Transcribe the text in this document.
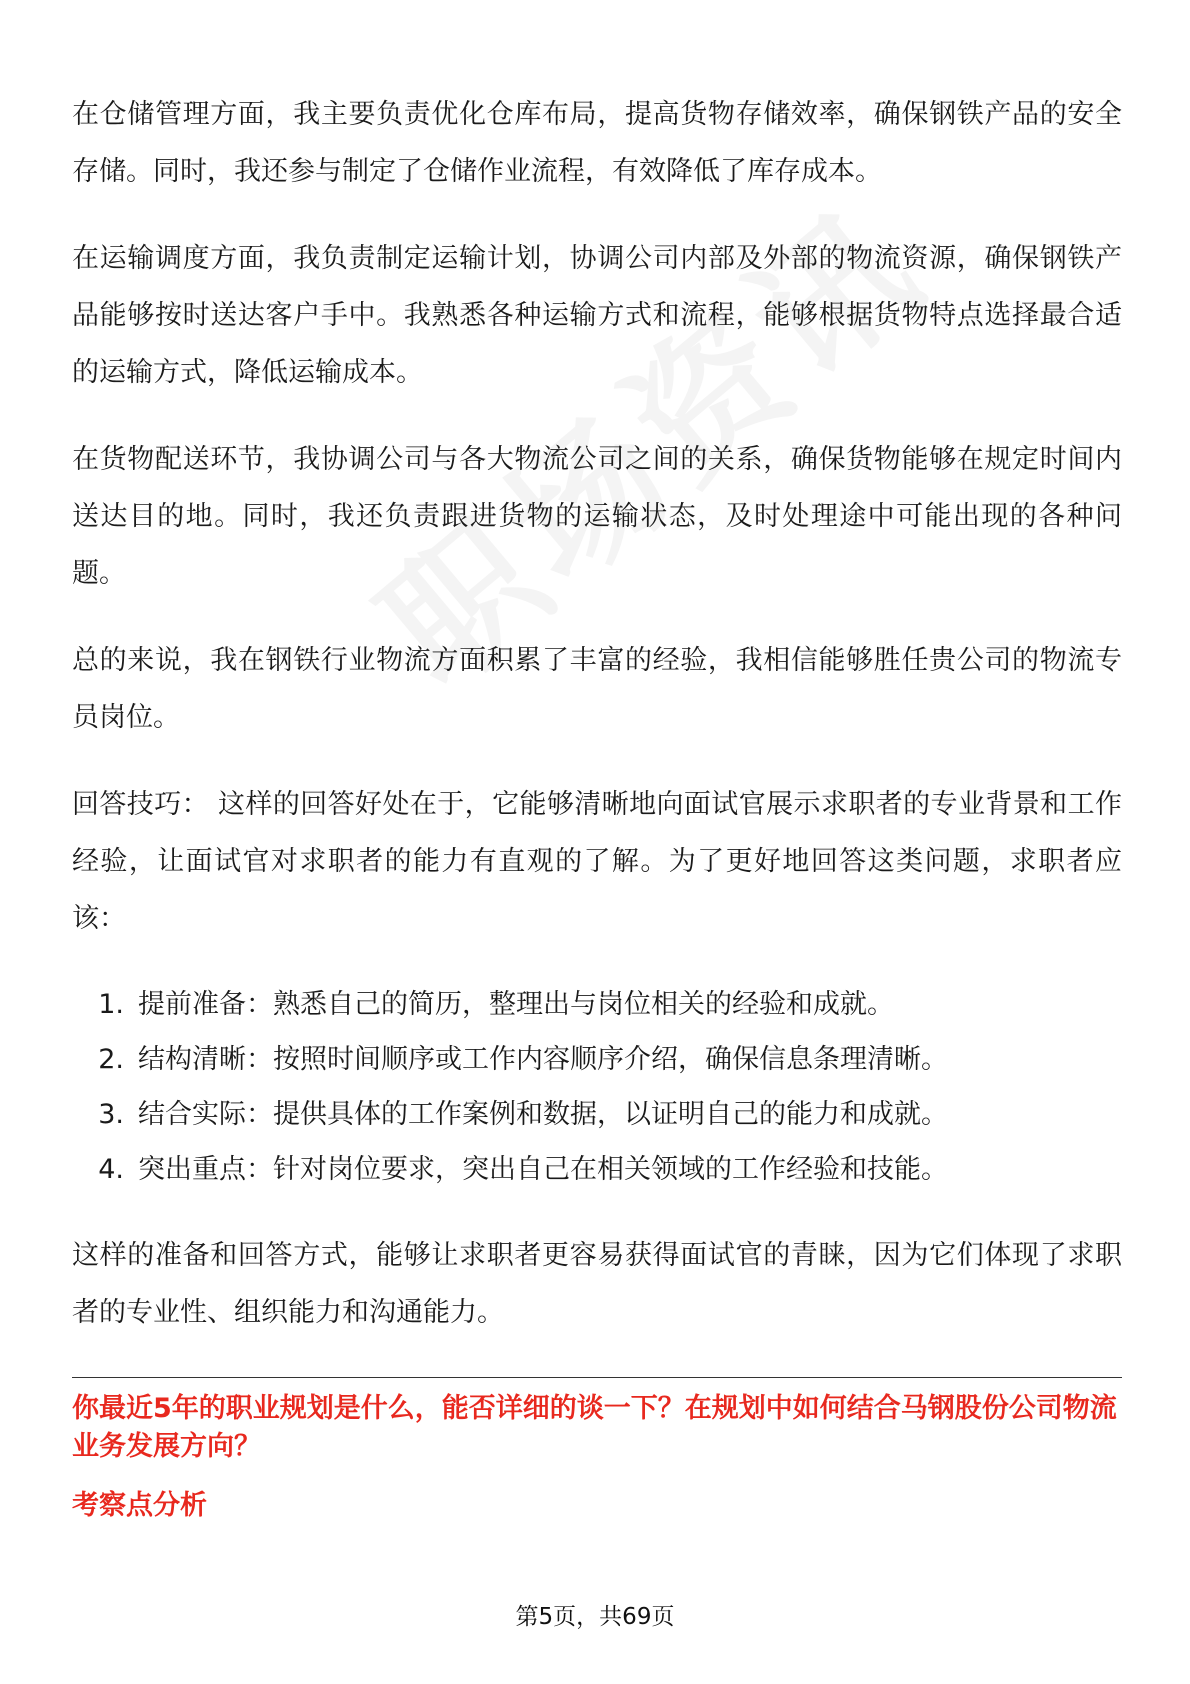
在仓储管理方面，我主要负责优化仓库布局，提高货物存储效率，确保钢铁产品的安全存储。同时，我还参与制定了仓储作业流程，有效降低了库存成本。

在运输调度方面，我负责制定运输计划，协调公司内部及外部的物流资源，确保钢铁产品能够按时送达客户手中。我熟悉各种运输方式和流程，能够根据货物特点选择最合适的运输方式，降低运输成本。

在货物配送环节，我协调公司与各大物流公司之间的关系，确保货物能够在规定时间内送达目的地。同时，我还负责跟进货物的运输状态，及时处理途中可能出现的各种问题。

总的来说，我在钢铁行业物流方面积累了丰富的经验，我相信能够胜任贵公司的物流专员岗位。

回答技巧： 这样的回答好处在于，它能够清晰地向面试官展示求职者的专业背景和工作经验，让面试官对求职者的能力有直观的了解。为了更好地回答这类问题，求职者应该：

1. 提前准备：熟悉自己的简历，整理出与岗位相关的经验和成就。
2. 结构清晰：按照时间顺序或工作内容顺序介绍，确保信息条理清晰。
3. 结合实际：提供具体的工作案例和数据，以证明自己的能力和成就。
4. 突出重点：针对岗位要求，突出自己在相关领域的工作经验和技能。

这样的准备和回答方式，能够让求职者更容易获得面试官的青睐，因为它们体现了求职者的专业性、组织能力和沟通能力。

你最近5年的职业规划是什么，能否详细的谈一下？在规划中如何结合马钢股份公司物流业务发展方向？

考察点分析

第5页，共69页
